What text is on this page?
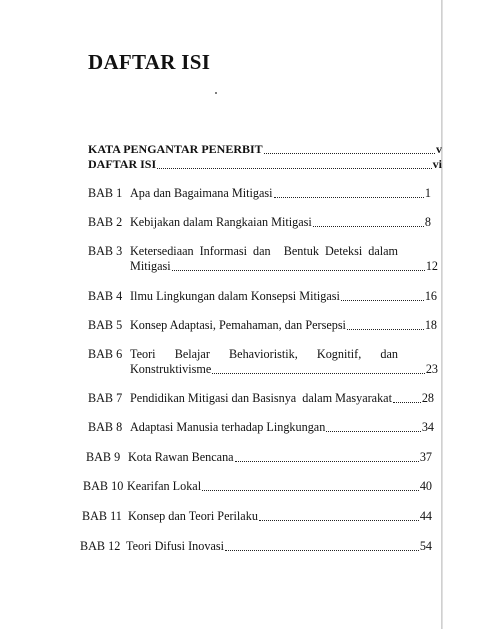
DAFTAR ISI
KATA PENGANTAR PENERBIT	v
DAFTAR ISI	vi
BAB 1 Apa dan Bagaimana Mitigasi	1
BAB 2 Kebijakan dalam Rangkaian Mitigasi	8
BAB 3 Ketersediaan Informasi dan Bentuk Deteksi dalam
Mitigasi	12
BAB 4 Ilmu Lingkungan dalam Konsepsi Mitigasi	16
BAB 5 Konsep Adaptasi, Pemahaman, dan Persepsi	18
BAB 6 Teori Belajar Behavioristik, Kognitif, dan
Konstruktivisme	23
BAB 7 Pendidikan Mitigasi dan Basisnya  dalam Masyarakat 28
BAB 8 Adaptasi Manusia terhadap Lingkungan	34
BAB 9 Kota Rawan Bencana	37
BAB 10 Kearifan Lokal	40
BAB 11 Konsep dan Teori Perilaku	44
BAB 12 Teori Difusi Inovasi	54
